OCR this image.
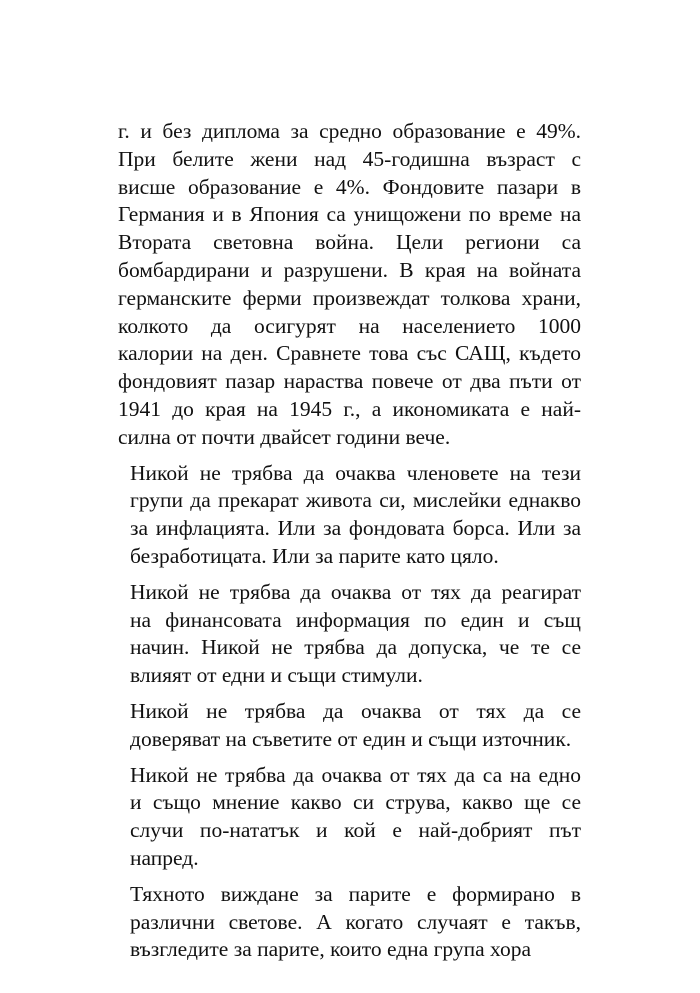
г. и без диплома за средно образование е 49%.
При белите жени над 45-годишна възраст с
висше образование е 4%. Фондовите пазари в
Германия и в Япония са унищожени по време на
Втората световна война. Цели региони са
бомбардирани и разрушени. В края на войната
германските ферми произвеждат толкова храни,
колкото да осигурят на населението 1000
калории на ден. Сравнете това със САЩ, където
фондовият пазар нараства повече от два пъти от
1941 до края на 1945 г., а икономиката е най-
силна от почти двайсет години вече.

Никой не трябва да очаква членовете на тези
групи да прекарат живота си, мислейки еднакво
за инфлацията. Или за фондовата борса. Или за
безработицата. Или за парите като цяло.

Никой не трябва да очаква от тях да реагират
на финансовата информация по един и същ
начин. Никой не трябва да допуска, че те се
влияят от едни и същи стимули.

Никой не трябва да очаква от тях да се
доверяват на съветите от един и същи източник.

Никой не трябва да очаква от тях да са на едно
и също мнение какво си струва, какво ще се
случи по-нататък и кой е най-добрият път
напред.

Тяхното виждане за парите е формирано в
различни светове. А когато случаят е такъв,
възгледите за парите, които една група хора
